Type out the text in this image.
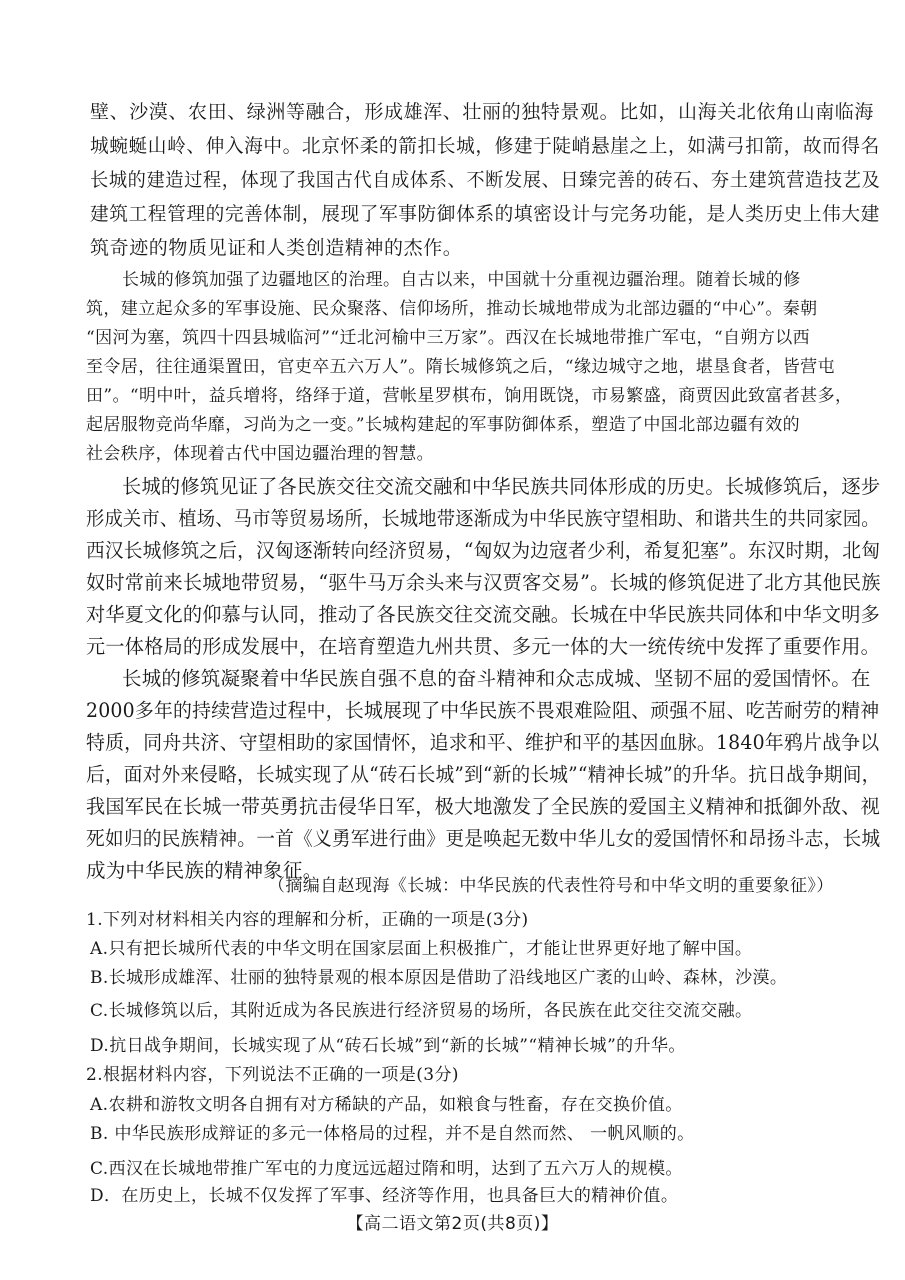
壁、沙漠、农田、绿洲等融合，形成雄浑、壮丽的独特景观。比如，山海关北依角山南临海
城蜿蜒山岭、伸入海中。北京怀柔的箭扣长城，修建于陡峭悬崖之上，如满弓扣箭，故而得名
长城的建造过程，体现了我国古代自成体系、不断发展、日臻完善的砖石、夯土建筑营造技艺及
建筑工程管理的完善体制，展现了军事防御体系的填密设计与完务功能，是人类历史上伟大建
筑奇迹的物质见证和人类创造精神的杰作。
长城的修筑加强了边疆地区的治理。自古以来，中国就十分重视边疆治理。随着长城的修
筑，建立起众多的军事设施、民众聚落、信仰场所，推动长城地带成为北部边疆的“中心”。秦朝
“因河为塞，筑四十四县城临河”“迁北河榆中三万家”。西汉在长城地带推广军屯，“自朔方以西
至令居，往往通渠置田，官吏卒五六万人”。隋长城修筑之后，“缘边城守之地，堪垦食者，皆营屯
田”。“明中叶，益兵增将，络绎于道，营帐星罗棋布，饷用既饶，市易繁盛，商贾因此致富者甚多，
起居服物竞尚华靡，习尚为之一变。”长城构建起的军事防御体系，塑造了中国北部边疆有效的
社会秩序，体现着古代中国边疆治理的智慧。
长城的修筑见证了各民族交往交流交融和中华民族共同体形成的历史。长城修筑后，逐步
形成关市、植场、马市等贸易场所，长城地带逐渐成为中华民族守望相助、和谐共生的共同家园。
西汉长城修筑之后，汉匈逐渐转向经济贸易，“匈奴为边寇者少利，希复犯塞”。东汉时期，北匈
奴时常前来长城地带贸易，“驱牛马万余头来与汉贾客交易”。长城的修筑促进了北方其他民族
对华夏文化的仰慕与认同，推动了各民族交往交流交融。长城在中华民族共同体和中华文明多
元一体格局的形成发展中，在培育塑造九州共贯、多元一体的大一统传统中发挥了重要作用。
长城的修筑凝聚着中华民族自强不息的奋斗精神和众志成城、坚韧不屈的爱国情怀。在
2000多年的持续营造过程中，长城展现了中华民族不畏艰难险阻、顽强不屈、吃苦耐劳的精神
特质，同舟共济、守望相助的家国情怀，追求和平、维护和平的基因血脉。1840年鸦片战争以
后，面对外来侵略，长城实现了从“砖石长城”到“新的长城”“精神长城”的升华。抗日战争期间，
我国军民在长城一带英勇抗击侵华日军，极大地激发了全民族的爱国主义精神和抵御外敌、视
死如归的民族精神。一首《义勇军进行曲》更是唤起无数中华儿女的爱国情怀和昂扬斗志，长城
成为中华民族的精神象征。
（摘编自赵现海《长城：中华民族的代表性符号和中华文明的重要象征》）
1.下列对材料相关内容的理解和分析，正确的一项是(3分)
A.只有把长城所代表的中华文明在国家层面上积极推广，才能让世界更好地了解中国。
B.长城形成雄浑、壮丽的独特景观的根本原因是借助了沿线地区广袤的山岭、森林，沙漠。
C.长城修筑以后，其附近成为各民族进行经济贸易的场所，各民族在此交往交流交融。
D.抗日战争期间，长城实现了从“砖石长城”到“新的长城”“精神长城”的升华。
2.根据材料内容，下列说法不正确的一项是(3分)
A.农耕和游牧文明各自拥有对方稀缺的产品，如粮食与牲畜，存在交换价值。
B. 中华民族形成辩证的多元一体格局的过程，并不是自然而然、 一帆风顺的。
C.西汉在长城地带推广军屯的力度远远超过隋和明，达到了五六万人的规模。
D．在历史上，长城不仅发挥了军事、经济等作用，也具备巨大的精神价值。
【高二语文第2页(共8页)】
